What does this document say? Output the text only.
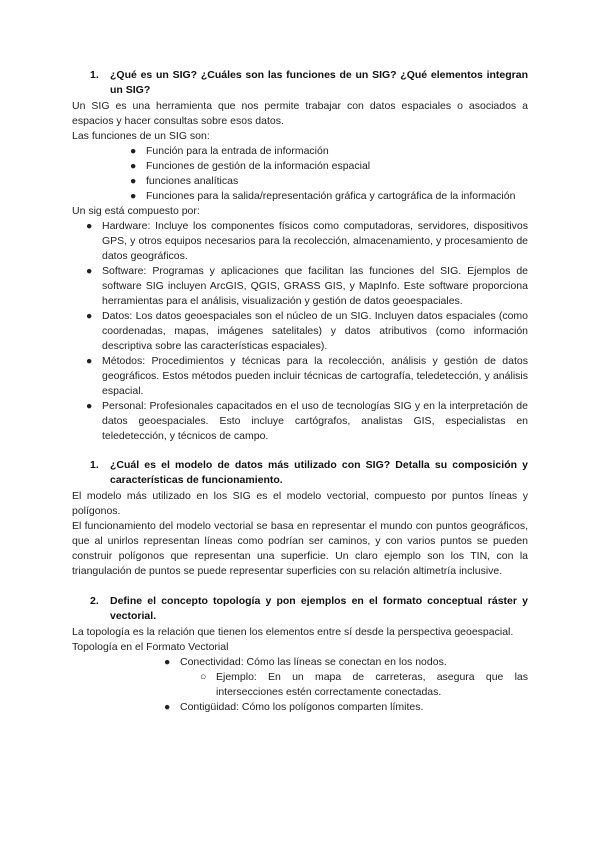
1.	¿Qué es un SIG? ¿Cuáles son las funciones de un SIG? ¿Qué elementos integran un SIG?

Un SIG es una herramienta que nos permite trabajar con datos espaciales o asociados a espacios y hacer consultas sobre esos datos.

Las funciones de un SIG son:

● Función para la entrada de información
● Funciones de gestión de la información espacial
● funciones analíticas
● Funciones para la salida/representación gráfica y cartográfica de la información

Un sig está compuesto por:

● Hardware: Incluye los componentes físicos como computadoras, servidores, dispositivos GPS, y otros equipos necesarios para la recolección, almacenamiento, y procesamiento de datos geográficos.
● Software: Programas y aplicaciones que facilitan las funciones del SIG. Ejemplos de software SIG incluyen ArcGIS, QGIS, GRASS GIS, y MapInfo. Este software proporciona herramientas para el análisis, visualización y gestión de datos geoespaciales.
● Datos: Los datos geoespaciales son el núcleo de un SIG. Incluyen datos espaciales (como coordenadas, mapas, imágenes satelitales) y datos atributivos (como información descriptiva sobre las características espaciales).
● Métodos: Procedimientos y técnicas para la recolección, análisis y gestión de datos geográficos. Estos métodos pueden incluir técnicas de cartografía, teledetección, y análisis espacial.
● Personal: Profesionales capacitados en el uso de tecnologías SIG y en la interpretación de datos geoespaciales. Esto incluye cartógrafos, analistas GIS, especialistas en teledetección, y técnicos de campo.
1.	¿Cuál es el modelo de datos más utilizado con SIG? Detalla su composición y características de funcionamiento.

El modelo más utilizado en los SIG es el modelo vectorial, compuesto por puntos líneas y polígonos.

El funcionamiento del modelo vectorial se basa en representar el mundo con puntos geográficos, que al unirlos representan líneas como podrían ser caminos, y con varios puntos se pueden construir polígonos que representan una superficie. Un claro ejemplo son los TIN, con la triangulación de puntos se puede representar superficies con su relación altimetría inclusive.

2.	Define el concepto topología y pon ejemplos en el formato conceptual ráster y vectorial.

La topología es la relación que tienen los elementos entre sí desde la perspectiva geoespacial.

Topología en el Formato Vectorial

● Conectividad: Cómo las líneas se conectan en los nodos.
○ Ejemplo: En un mapa de carreteras, asegura que las intersecciones estén correctamente conectadas.
● Contigüidad: Cómo los polígonos comparten límites.
